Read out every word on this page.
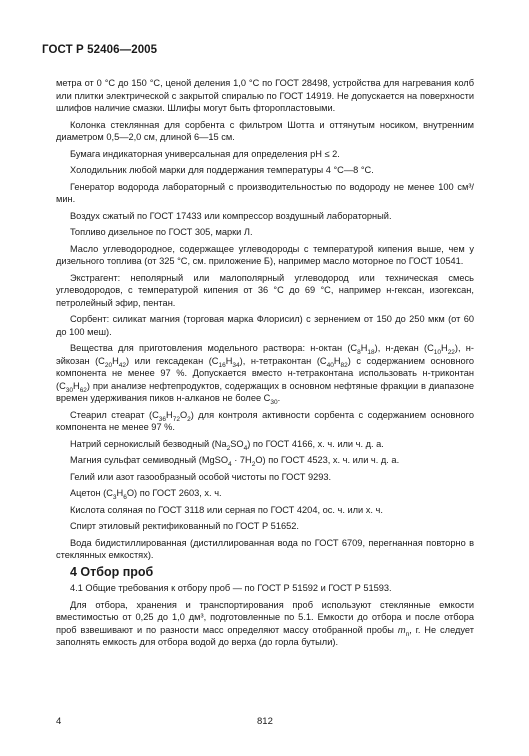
ГОСТ Р 52406—2005

метра от 0 °С до 150 °С, ценой деления 1,0 °С по ГОСТ 28498, устройства для нагревания колб или плитки электрической с закрытой спиралью по ГОСТ 14919. Не допускается на поверхности шлифов наличие смазки. Шлифы могут быть фторопластовыми.

Колонка стеклянная для сорбента с фильтром Шотта и оттянутым носиком, внутренним диаметром 0,5—2,0 см, длиной 6—15 см.

Бумага индикаторная универсальная для определения рН ≤ 2.

Холодильник любой марки для поддержания температуры 4 °С—8 °С.

Генератор водорода лабораторный с производительностью по водороду не менее 100 см³/мин.

Воздух сжатый по ГОСТ 17433 или компрессор воздушный лабораторный.

Топливо дизельное по ГОСТ 305, марки Л.

Масло углеводородное, содержащее углеводороды с температурой кипения выше, чем у дизельного топлива (от 325 °С, см. приложение Б), например масло моторное по ГОСТ 10541.

Экстрагент: неполярный или малополярный углеводород или техническая смесь углеводородов, с температурой кипения от 36 °С до 69 °С, например н-гексан, изогексан, петролейный эфир, пентан.

Сорбент: силикат магния (торговая марка Флорисил) с зернением от 150 до 250 мкм (от 60 до 100 меш).

Вещества для приготовления модельного раствора: н-октан $(С_8Н_{18})$, н-декан $(С_{10}Н_{22})$, н-эйкозан $(С_{20}Н_{42})$ или гексадекан $(С_{16}Н_{34})$, н-тетраконтан $(С_{40}Н_{82})$ с содержанием основного компонента не менее 97 %. Допускается вместо н-тетраконтана использовать н-триконтан $(С_{30}Н_{62})$ при анализе нефтепродуктов, содержащих в основном нефтяные фракции в диапазоне времен удерживания пиков н-алканов не более $С_{30}$.

Стеарил стеарат $(С_{36}Н_{72}О_2)$ для контроля активности сорбента с содержанием основного компонента не менее 97 %.

Натрий сернокислый безводный $(Na_2SO_4)$ по ГОСТ 4166, х. ч. или ч. д. а.

Магния сульфат семиводный (MgSO$_4$ · $7Н_2О$) по ГОСТ 4523, х. ч. или ч. д. а.

Гелий или азот газообразный особой чистоты по ГОСТ 9293.

Ацетон $(С_3Н_6О)$ по ГОСТ 2603, х. ч.

Кислота соляная по ГОСТ 3118 или серная по ГОСТ 4204, ос. ч. или х. ч.

Спирт этиловый ректификованный по ГОСТ Р 51652.

Вода бидистиллированная (дистиллированная вода по ГОСТ 6709, перегнанная повторно в стеклянных емкостях).

4 Отбор проб

4.1 Общие требования к отбору проб — по ГОСТ Р 51592 и ГОСТ Р 51593.

Для отбора, хранения и транспортирования проб используют стеклянные емкости вместимостью от 0,25 до 1,0 дм³, подготовленные по 5.1. Емкости до отбора и после отбора проб взвешивают и по разности масс определяют массу отобранной пробы $m_п$, г. Не следует заполнять емкость для отбора водой до верха (до горла бутыли).

4	812
